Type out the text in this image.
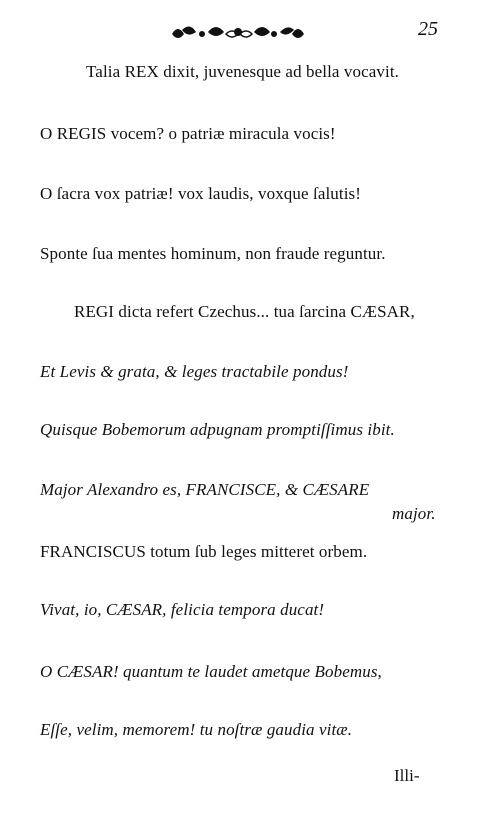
25
Talia REX dixit, juvenesque ad bella vocavit.
O REGIS vocem? o patriæ miracula vocis!
O ſacra vox patriæ! vox laudis, voxque ſalutis!
Sponte ſua mentes hominum, non fraude reguntur.
REGI dicta refert Czechus... tua ſarcina CÆSAR,
Et Levis & grata, & leges tractabile pondus!
Quisque Bobemorum adpugnam promptiſſimus ibit.
Major Alexandro es, FRANCISCE, & CÆSARE
major.
FRANCISCUS totum ſub leges mitteret orbem.
Vivat, io, CÆSAR, felicia tempora ducat!
O CÆSAR! quantum te laudet ametque Bobemus,
Eſſe, velim, memorem! tu noſtræ gaudia vitæ.
Illi-
